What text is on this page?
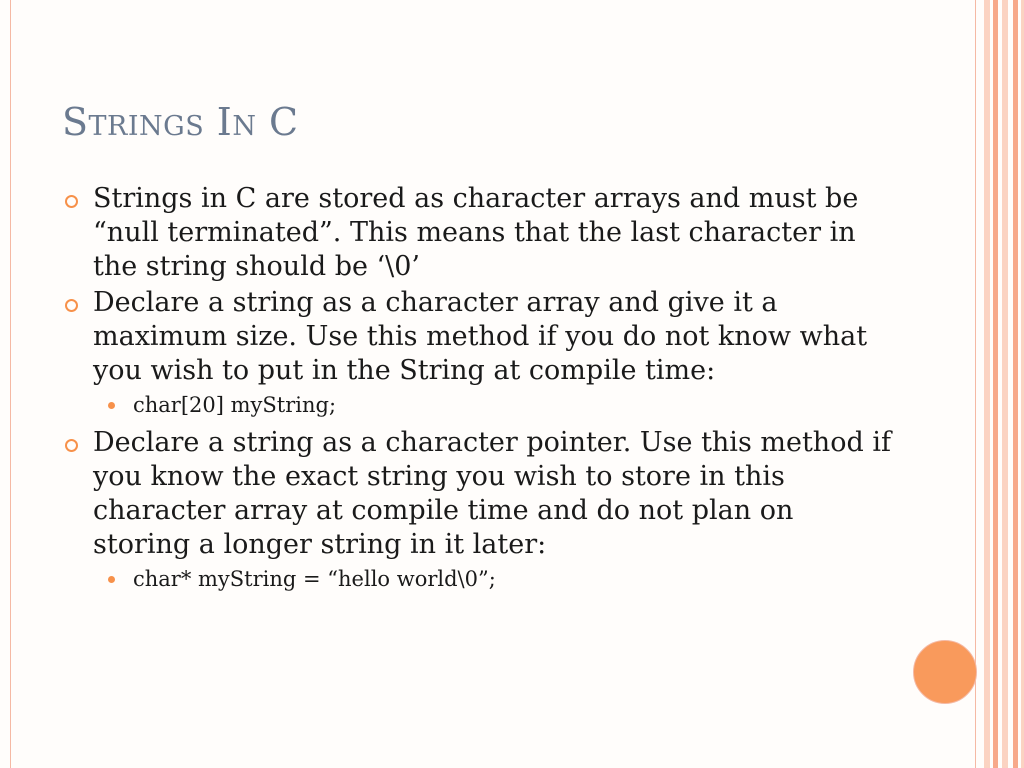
Strings In C
Strings in C are stored as character arrays and must be “null terminated”. This means that the last character in the string should be ‘\0’
Declare a string as a character array and give it a maximum size. Use this method if you do not know what you wish to put in the String at compile time:
char[20] myString;
Declare a string as a character pointer. Use this method if you know the exact string you wish to store in this character array at compile time and do not plan on storing a longer string in it later:
char* myString = “hello world\0”;
